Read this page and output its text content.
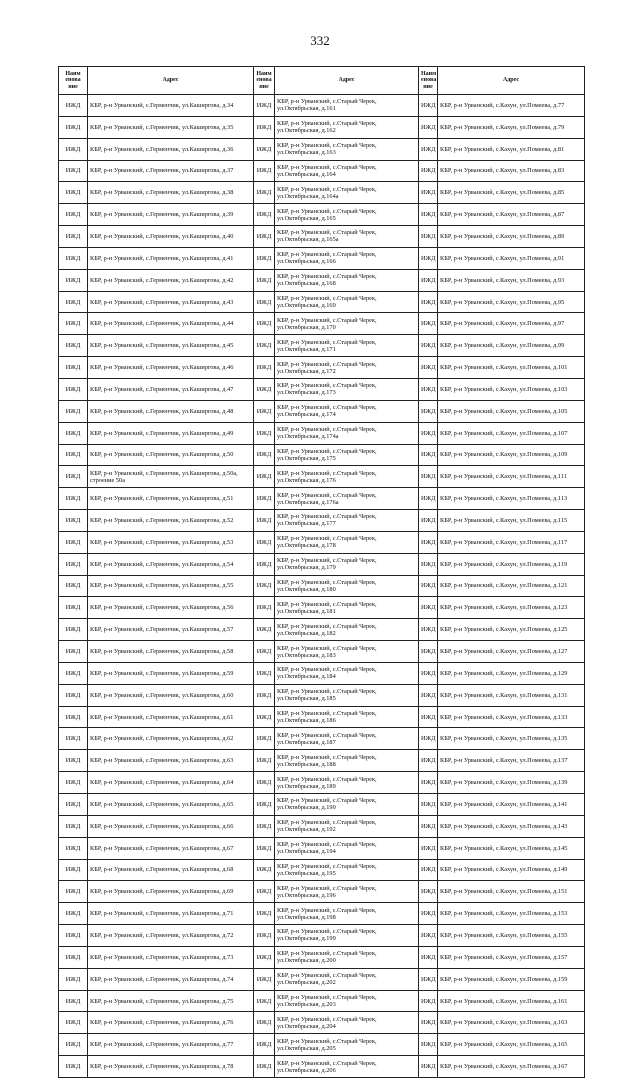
332
Наим енова ние	Адрес	Наим енова ние	Адрес	Наим енова ние	Адрес
ИЖД	КБР, р-н Урванский, с.Герменчик, ул.Каширгова, д.34	ИЖД	КБР, р-н Урванский, с.Старый Черек, ул.Октябрьская, д.161	ИЖД	КБР, р-н Урванский, с.Кахун, ул.Помеева, д.77
ИЖД	КБР, р-н Урванский, с.Герменчик, ул.Каширгова, д.35	ИЖД	КБР, р-н Урванский, с.Старый Черек, ул.Октябрьская, д.162	ИЖД	КБР, р-н Урванский, с.Кахун, ул.Помеева, д.79
ИЖД	КБР, р-н Урванский, с.Герменчик, ул.Каширгова, д.36	ИЖД	КБР, р-н Урванский, с.Старый Черек, ул.Октябрьская, д.163	ИЖД	КБР, р-н Урванский, с.Кахун, ул.Помеева, д.81
ИЖД	КБР, р-н Урванский, с.Герменчик, ул.Каширгова, д.37	ИЖД	КБР, р-н Урванский, с.Старый Черек, ул.Октябрьская, д.164	ИЖД	КБР, р-н Урванский, с.Кахун, ул.Помеева, д.83
ИЖД	КБР, р-н Урванский, с.Герменчик, ул.Каширгова, д.38	ИЖД	КБР, р-н Урванский, с.Старый Черек, ул.Октябрьская, д.164а	ИЖД	КБР, р-н Урванский, с.Кахун, ул.Помеева, д.85
ИЖД	КБР, р-н Урванский, с.Герменчик, ул.Каширгова, д.39	ИЖД	КБР, р-н Урванский, с.Старый Черек, ул.Октябрьская, д.165	ИЖД	КБР, р-н Урванский, с.Кахун, ул.Помеева, д.87
ИЖД	КБР, р-н Урванский, с.Герменчик, ул.Каширгова, д.40	ИЖД	КБР, р-н Урванский, с.Старый Черек, ул.Октябрьская, д.165а	ИЖД	КБР, р-н Урванский, с.Кахун, ул.Помеева, д.89
ИЖД	КБР, р-н Урванский, с.Герменчик, ул.Каширгова, д.41	ИЖД	КБР, р-н Урванский, с.Старый Черек, ул.Октябрьская, д.166	ИЖД	КБР, р-н Урванский, с.Кахун, ул.Помеева, д.91
ИЖД	КБР, р-н Урванский, с.Герменчик, ул.Каширгова, д.42	ИЖД	КБР, р-н Урванский, с.Старый Черек, ул.Октябрьская, д.168	ИЖД	КБР, р-н Урванский, с.Кахун, ул.Помеева, д.93
ИЖД	КБР, р-н Урванский, с.Герменчик, ул.Каширгова, д.43	ИЖД	КБР, р-н Урванский, с.Старый Черек, ул.Октябрьская, д.169	ИЖД	КБР, р-н Урванский, с.Кахун, ул.Помеева, д.95
ИЖД	КБР, р-н Урванский, с.Герменчик, ул.Каширгова, д.44	ИЖД	КБР, р-н Урванский, с.Старый Черек, ул.Октябрьская, д.170	ИЖД	КБР, р-н Урванский, с.Кахун, ул.Помеева, д.97
ИЖД	КБР, р-н Урванский, с.Герменчик, ул.Каширгова, д.45	ИЖД	КБР, р-н Урванский, с.Старый Черек, ул.Октябрьская, д.171	ИЖД	КБР, р-н Урванский, с.Кахун, ул.Помеева, д.99
ИЖД	КБР, р-н Урванский, с.Герменчик, ул.Каширгова, д.46	ИЖД	КБР, р-н Урванский, с.Старый Черек, ул.Октябрьская, д.172	ИЖД	КБР, р-н Урванский, с.Кахун, ул.Помеева, д.101
ИЖД	КБР, р-н Урванский, с.Герменчик, ул.Каширгова, д.47	ИЖД	КБР, р-н Урванский, с.Старый Черек, ул.Октябрьская, д.173	ИЖД	КБР, р-н Урванский, с.Кахун, ул.Помеева, д.103
ИЖД	КБР, р-н Урванский, с.Герменчик, ул.Каширгова, д.48	ИЖД	КБР, р-н Урванский, с.Старый Черек, ул.Октябрьская, д.174	ИЖД	КБР, р-н Урванский, с.Кахун, ул.Помеева, д.105
ИЖД	КБР, р-н Урванский, с.Герменчик, ул.Каширгова, д.49	ИЖД	КБР, р-н Урванский, с.Старый Черек, ул.Октябрьская, д.174а	ИЖД	КБР, р-н Урванский, с.Кахун, ул.Помеева, д.107
ИЖД	КБР, р-н Урванский, с.Герменчик, ул.Каширгова, д.50	ИЖД	КБР, р-н Урванский, с.Старый Черек, ул.Октябрьская, д.175	ИЖД	КБР, р-н Урванский, с.Кахун, ул.Помеева, д.109
ИЖД	КБР, р-н Урванский, с.Герменчик, ул.Каширгова, д.50а, строение 50а	ИЖД	КБР, р-н Урванский, с.Старый Черек, ул.Октябрьская, д.176	ИЖД	КБР, р-н Урванский, с.Кахун, ул.Помеева, д.111
ИЖД	КБР, р-н Урванский, с.Герменчик, ул.Каширгова, д.51	ИЖД	КБР, р-н Урванский, с.Старый Черек, ул.Октябрьская, д.176а	ИЖД	КБР, р-н Урванский, с.Кахун, ул.Помеева, д.113
ИЖД	КБР, р-н Урванский, с.Герменчик, ул.Каширгова, д.52	ИЖД	КБР, р-н Урванский, с.Старый Черек, ул.Октябрьская, д.177	ИЖД	КБР, р-н Урванский, с.Кахун, ул.Помеева, д.115
ИЖД	КБР, р-н Урванский, с.Герменчик, ул.Каширгова, д.53	ИЖД	КБР, р-н Урванский, с.Старый Черек, ул.Октябрьская, д.178	ИЖД	КБР, р-н Урванский, с.Кахун, ул.Помеева, д.117
ИЖД	КБР, р-н Урванский, с.Герменчик, ул.Каширгова, д.54	ИЖД	КБР, р-н Урванский, с.Старый Черек, ул.Октябрьская, д.179	ИЖД	КБР, р-н Урванский, с.Кахун, ул.Помеева, д.119
ИЖД	КБР, р-н Урванский, с.Герменчик, ул.Каширгова, д.55	ИЖД	КБР, р-н Урванский, с.Старый Черек, ул.Октябрьская, д.180	ИЖД	КБР, р-н Урванский, с.Кахун, ул.Помеева, д.121
ИЖД	КБР, р-н Урванский, с.Герменчик, ул.Каширгова, д.56	ИЖД	КБР, р-н Урванский, с.Старый Черек, ул.Октябрьская, д.181	ИЖД	КБР, р-н Урванский, с.Кахун, ул.Помеева, д.123
ИЖД	КБР, р-н Урванский, с.Герменчик, ул.Каширгова, д.57	ИЖД	КБР, р-н Урванский, с.Старый Черек, ул.Октябрьская, д.182	ИЖД	КБР, р-н Урванский, с.Кахун, ул.Помеева, д.125
ИЖД	КБР, р-н Урванский, с.Герменчик, ул.Каширгова, д.58	ИЖД	КБР, р-н Урванский, с.Старый Черек, ул.Октябрьская, д.183	ИЖД	КБР, р-н Урванский, с.Кахун, ул.Помеева, д.127
ИЖД	КБР, р-н Урванский, с.Герменчик, ул.Каширгова, д.59	ИЖД	КБР, р-н Урванский, с.Старый Черек, ул.Октябрьская, д.184	ИЖД	КБР, р-н Урванский, с.Кахун, ул.Помеева, д.129
ИЖД	КБР, р-н Урванский, с.Герменчик, ул.Каширгова, д.60	ИЖД	КБР, р-н Урванский, с.Старый Черек, ул.Октябрьская, д.185	ИЖД	КБР, р-н Урванский, с.Кахун, ул.Помеева, д.131
ИЖД	КБР, р-н Урванский, с.Герменчик, ул.Каширгова, д.61	ИЖД	КБР, р-н Урванский, с.Старый Черек, ул.Октябрьская, д.186	ИЖД	КБР, р-н Урванский, с.Кахун, ул.Помеева, д.133
ИЖД	КБР, р-н Урванский, с.Герменчик, ул.Каширгова, д.62	ИЖД	КБР, р-н Урванский, с.Старый Черек, ул.Октябрьская, д.187	ИЖД	КБР, р-н Урванский, с.Кахун, ул.Помеева, д.135
ИЖД	КБР, р-н Урванский, с.Герменчик, ул.Каширгова, д.63	ИЖД	КБР, р-н Урванский, с.Старый Черек, ул.Октябрьская, д.188	ИЖД	КБР, р-н Урванский, с.Кахун, ул.Помеева, д.137
ИЖД	КБР, р-н Урванский, с.Герменчик, ул.Каширгова, д.64	ИЖД	КБР, р-н Урванский, с.Старый Черек, ул.Октябрьская, д.189	ИЖД	КБР, р-н Урванский, с.Кахун, ул.Помеева, д.139
ИЖД	КБР, р-н Урванский, с.Герменчик, ул.Каширгова, д.65	ИЖД	КБР, р-н Урванский, с.Старый Черек, ул.Октябрьская, д.190	ИЖД	КБР, р-н Урванский, с.Кахун, ул.Помеева, д.141
ИЖД	КБР, р-н Урванский, с.Герменчик, ул.Каширгова, д.66	ИЖД	КБР, р-н Урванский, с.Старый Черек, ул.Октябрьская, д.192	ИЖД	КБР, р-н Урванский, с.Кахун, ул.Помеева, д.143
ИЖД	КБР, р-н Урванский, с.Герменчик, ул.Каширгова, д.67	ИЖД	КБР, р-н Урванский, с.Старый Черек, ул.Октябрьская, д.194	ИЖД	КБР, р-н Урванский, с.Кахун, ул.Помеева, д.145
ИЖД	КБР, р-н Урванский, с.Герменчик, ул.Каширгова, д.68	ИЖД	КБР, р-н Урванский, с.Старый Черек, ул.Октябрьская, д.195	ИЖД	КБР, р-н Урванский, с.Кахун, ул.Помеева, д.149
ИЖД	КБР, р-н Урванский, с.Герменчик, ул.Каширгова, д.69	ИЖД	КБР, р-н Урванский, с.Старый Черек, ул.Октябрьская, д.196	ИЖД	КБР, р-н Урванский, с.Кахун, ул.Помеева, д.151
ИЖД	КБР, р-н Урванский, с.Герменчик, ул.Каширгова, д.71	ИЖД	КБР, р-н Урванский, с.Старый Черек, ул.Октябрьская, д.198	ИЖД	КБР, р-н Урванский, с.Кахун, ул.Помеева, д.153
ИЖД	КБР, р-н Урванский, с.Герменчик, ул.Каширгова, д.72	ИЖД	КБР, р-н Урванский, с.Старый Черек, ул.Октябрьская, д.199	ИЖД	КБР, р-н Урванский, с.Кахун, ул.Помеева, д.155
ИЖД	КБР, р-н Урванский, с.Герменчик, ул.Каширгова, д.73	ИЖД	КБР, р-н Урванский, с.Старый Черек, ул.Октябрьская, д.200	ИЖД	КБР, р-н Урванский, с.Кахун, ул.Помеева, д.157
ИЖД	КБР, р-н Урванский, с.Герменчик, ул.Каширгова, д.74	ИЖД	КБР, р-н Урванский, с.Старый Черек, ул.Октябрьская, д.202	ИЖД	КБР, р-н Урванский, с.Кахун, ул.Помеева, д.159
ИЖД	КБР, р-н Урванский, с.Герменчик, ул.Каширгова, д.75	ИЖД	КБР, р-н Урванский, с.Старый Черек, ул.Октябрьская, д.203	ИЖД	КБР, р-н Урванский, с.Кахун, ул.Помеева, д.161
ИЖД	КБР, р-н Урванский, с.Герменчик, ул.Каширгова, д.76	ИЖД	КБР, р-н Урванский, с.Старый Черек, ул.Октябрьская, д.204	ИЖД	КБР, р-н Урванский, с.Кахун, ул.Помеева, д.163
ИЖД	КБР, р-н Урванский, с.Герменчик, ул.Каширгова, д.77	ИЖД	КБР, р-н Урванский, с.Старый Черек, ул.Октябрьская, д.205	ИЖД	КБР, р-н Урванский, с.Кахун, ул.Помеева, д.165
ИЖД	КБР, р-н Урванский, с.Герменчик, ул.Каширгова, д.78	ИЖД	КБР, р-н Урванский, с.Старый Черек, ул.Октябрьская, д.206	ИЖД	КБР, р-н Урванский, с.Кахун, ул.Помеева, д.167
